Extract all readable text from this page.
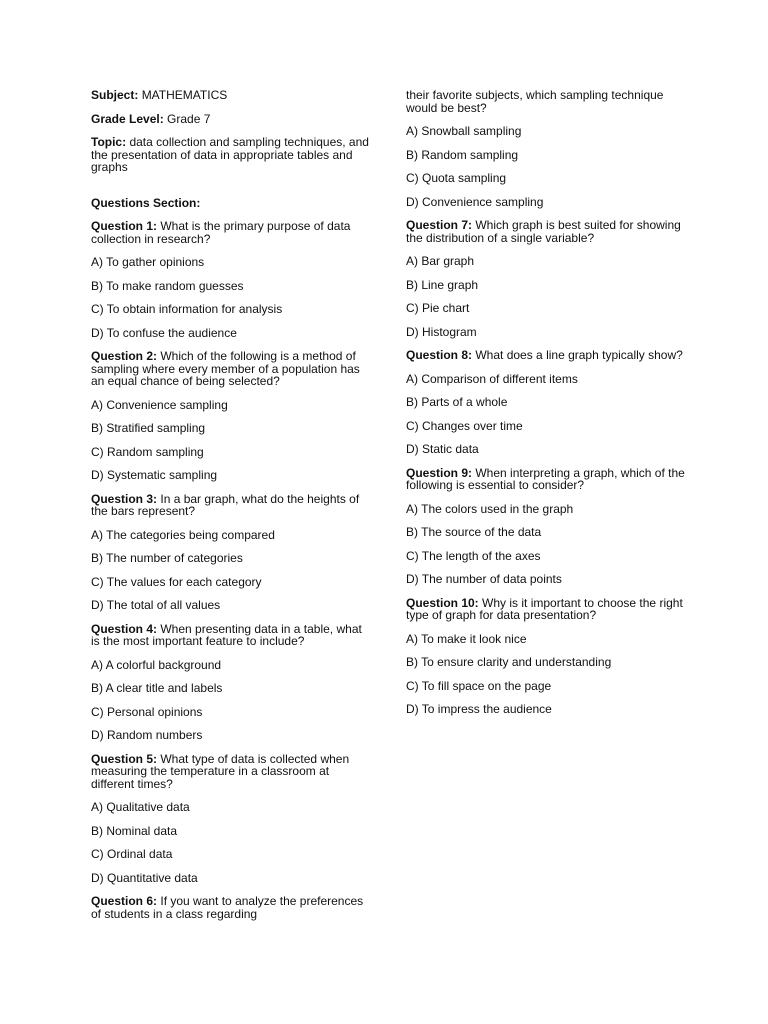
Subject: MATHEMATICS

Grade Level: Grade 7

Topic: data collection and sampling techniques, and the presentation of data in appropriate tables and graphs

Questions Section:

Question 1: What is the primary purpose of data collection in research?

A) To gather opinions

B) To make random guesses

C) To obtain information for analysis

D) To confuse the audience

Question 2: Which of the following is a method of sampling where every member of a population has an equal chance of being selected?

A) Convenience sampling

B) Stratified sampling

C) Random sampling

D) Systematic sampling

Question 3: In a bar graph, what do the heights of the bars represent?

A) The categories being compared

B) The number of categories

C) The values for each category

D) The total of all values

Question 4: When presenting data in a table, what is the most important feature to include?

A) A colorful background

B) A clear title and labels

C) Personal opinions

D) Random numbers

Question 5: What type of data is collected when measuring the temperature in a classroom at different times?

A) Qualitative data

B) Nominal data

C) Ordinal data

D) Quantitative data

Question 6: If you want to analyze the preferences of students in a class regarding

their favorite subjects, which sampling technique would be best?

A) Snowball sampling

B) Random sampling

C) Quota sampling

D) Convenience sampling

Question 7: Which graph is best suited for showing the distribution of a single variable?

A) Bar graph

B) Line graph

C) Pie chart

D) Histogram

Question 8: What does a line graph typically show?

A) Comparison of different items

B) Parts of a whole

C) Changes over time

D) Static data

Question 9: When interpreting a graph, which of the following is essential to consider?

A) The colors used in the graph

B) The source of the data

C) The length of the axes

D) The number of data points

Question 10: Why is it important to choose the right type of graph for data presentation?

A) To make it look nice

B) To ensure clarity and understanding

C) To fill space on the page

D) To impress the audience
